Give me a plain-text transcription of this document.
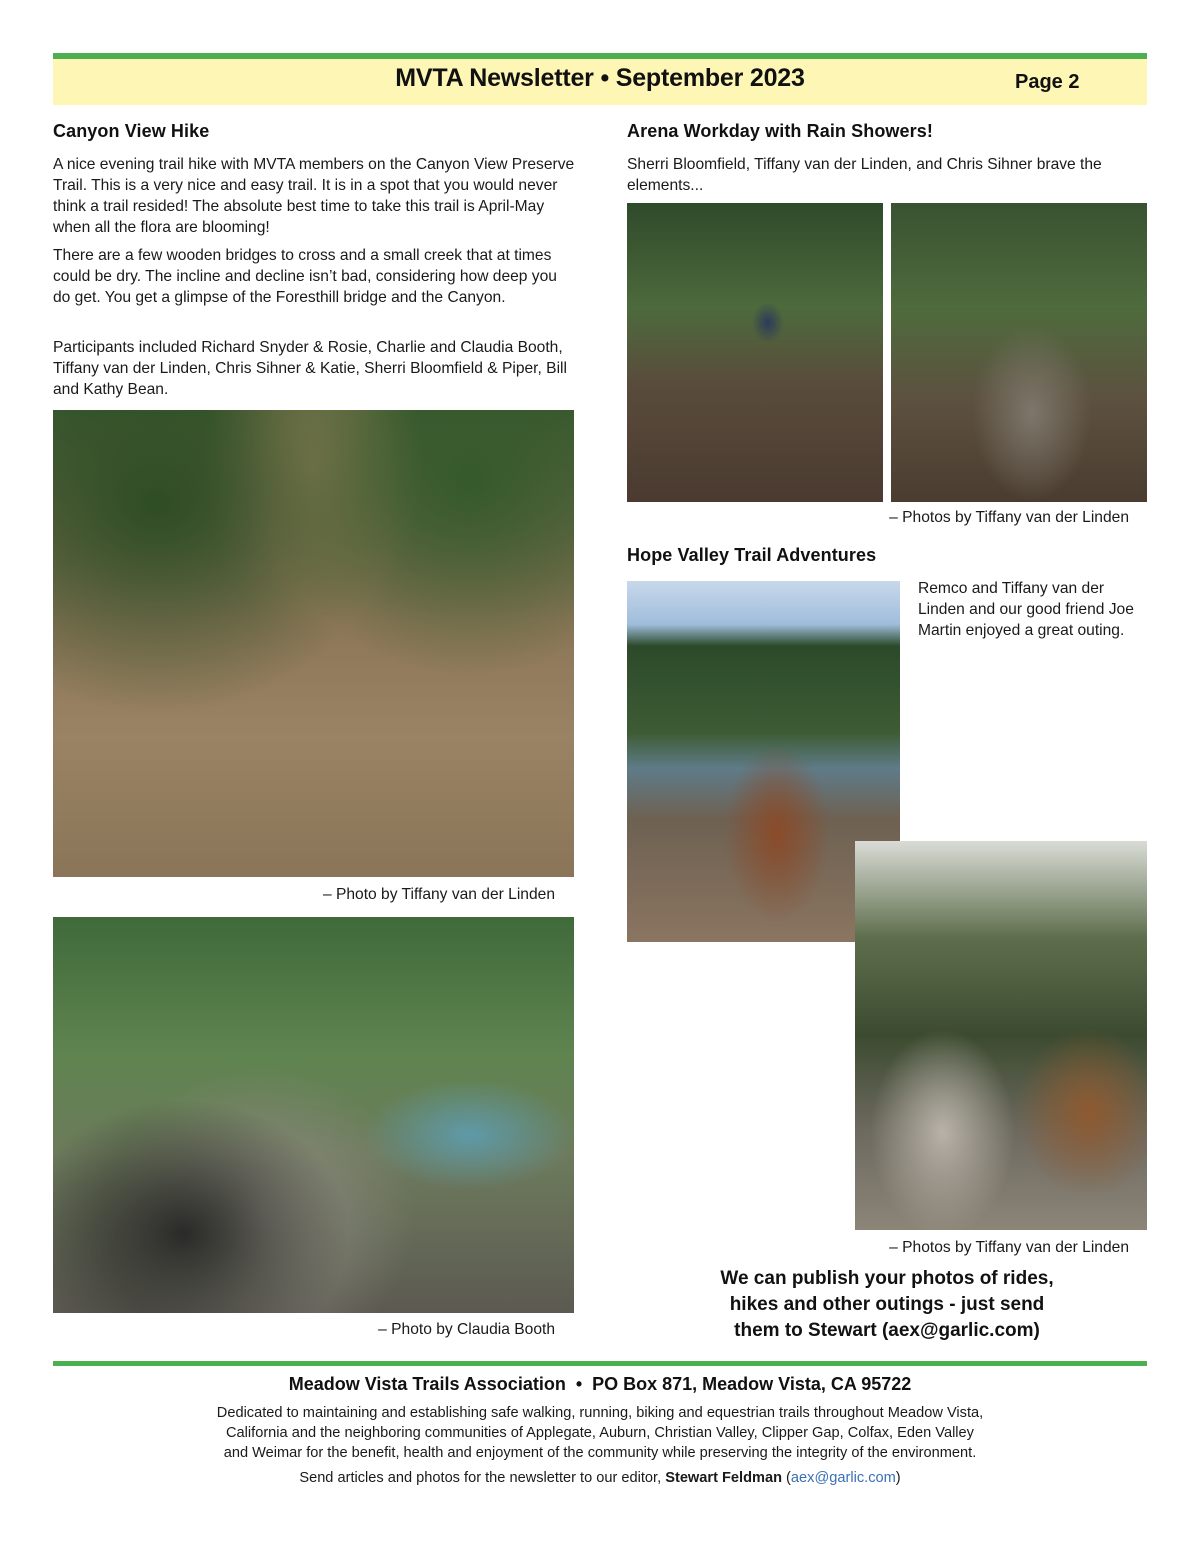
MVTA Newsletter • September 2023	Page 2
Canyon View Hike

A nice evening trail hike with MVTA members on the Canyon View Preserve Trail. This is a very nice and easy trail. It is in a spot that you would never think a trail resided! The absolute best time to take this trail is April-May when all the flora are blooming!

There are a few wooden bridges to cross and a small creek that at times could be dry. The incline and decline isn’t bad, considering how deep you do get. You get a glimpse of the Foresthill bridge and the Canyon.

Participants included Richard Snyder & Rosie, Charlie and Claudia Booth, Tiffany van der Linden, Chris Sihner & Katie, Sherri Bloomfield & Piper, Bill and Kathy Bean.

– Photo by Tiffany van der Linden
– Photo by Claudia Booth
Arena Workday with Rain Showers!

Sherri Bloomfield, Tiffany van der Linden, and Chris Sihner brave the elements...

– Photos by Tiffany van der Linden
Hope Valley Trail Adventures

Remco and Tiffany van der Linden and our good friend Joe Martin enjoyed a great outing.

– Photos by Tiffany van der Linden
We can publish your photos of rides,
hikes and other outings - just send
them to Stewart (aex@garlic.com)
Meadow Vista Trails Association  •  PO Box 871, Meadow Vista, CA 95722
Dedicated to maintaining and establishing safe walking, running, biking and equestrian trails throughout Meadow Vista,
California and the neighboring communities of Applegate, Auburn, Christian Valley, Clipper Gap, Colfax, Eden Valley
and Weimar for the benefit, health and enjoyment of the community while preserving the integrity of the environment.
Send articles and photos for the newsletter to our editor, Stewart Feldman (aex@garlic.com)
